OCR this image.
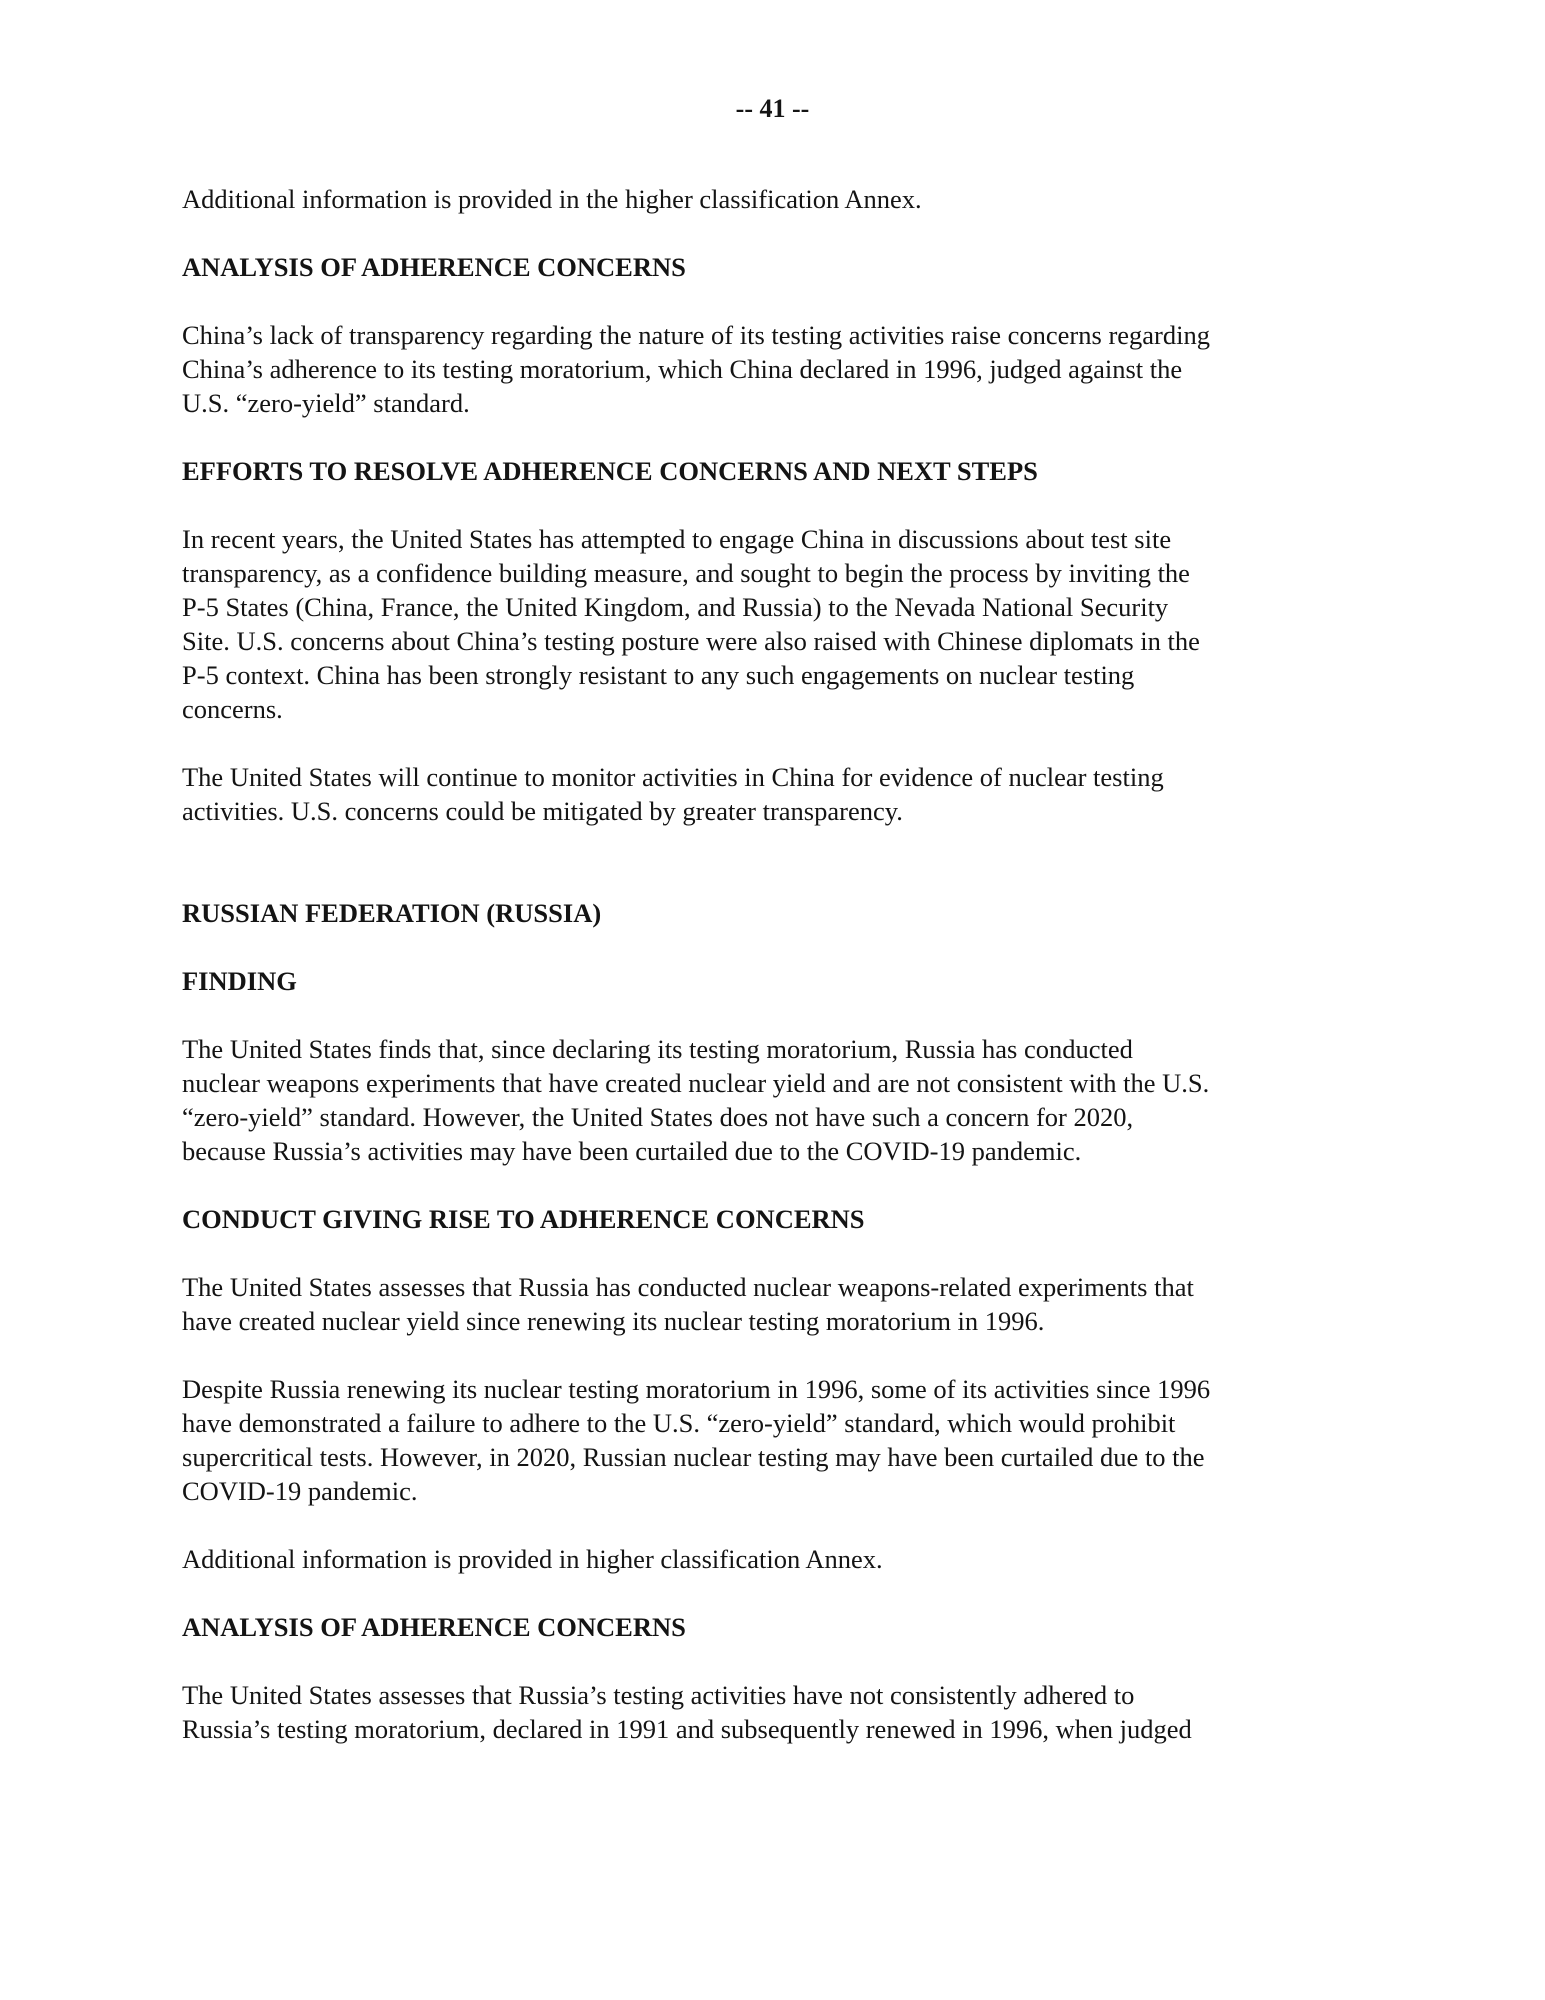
-- 41 --

Additional information is provided in the higher classification Annex.

ANALYSIS OF ADHERENCE CONCERNS

China’s lack of transparency regarding the nature of its testing activities raise concerns regarding
China’s adherence to its testing moratorium, which China declared in 1996, judged against the
U.S. “zero-yield” standard.

EFFORTS TO RESOLVE ADHERENCE CONCERNS AND NEXT STEPS

In recent years, the United States has attempted to engage China in discussions about test site
transparency, as a confidence building measure, and sought to begin the process by inviting the
P-5 States (China, France, the United Kingdom, and Russia) to the Nevada National Security
Site. U.S. concerns about China’s testing posture were also raised with Chinese diplomats in the
P-5 context. China has been strongly resistant to any such engagements on nuclear testing
concerns.

The United States will continue to monitor activities in China for evidence of nuclear testing
activities. U.S. concerns could be mitigated by greater transparency.

RUSSIAN FEDERATION (RUSSIA)

FINDING

The United States finds that, since declaring its testing moratorium, Russia has conducted
nuclear weapons experiments that have created nuclear yield and are not consistent with the U.S.
“zero-yield” standard. However, the United States does not have such a concern for 2020,
because Russia’s activities may have been curtailed due to the COVID-19 pandemic.

CONDUCT GIVING RISE TO ADHERENCE CONCERNS

The United States assesses that Russia has conducted nuclear weapons-related experiments that
have created nuclear yield since renewing its nuclear testing moratorium in 1996.

Despite Russia renewing its nuclear testing moratorium in 1996, some of its activities since 1996
have demonstrated a failure to adhere to the U.S. “zero-yield” standard, which would prohibit
supercritical tests. However, in 2020, Russian nuclear testing may have been curtailed due to the
COVID-19 pandemic.

Additional information is provided in higher classification Annex.

ANALYSIS OF ADHERENCE CONCERNS

The United States assesses that Russia’s testing activities have not consistently adhered to
Russia’s testing moratorium, declared in 1991 and subsequently renewed in 1996, when judged
